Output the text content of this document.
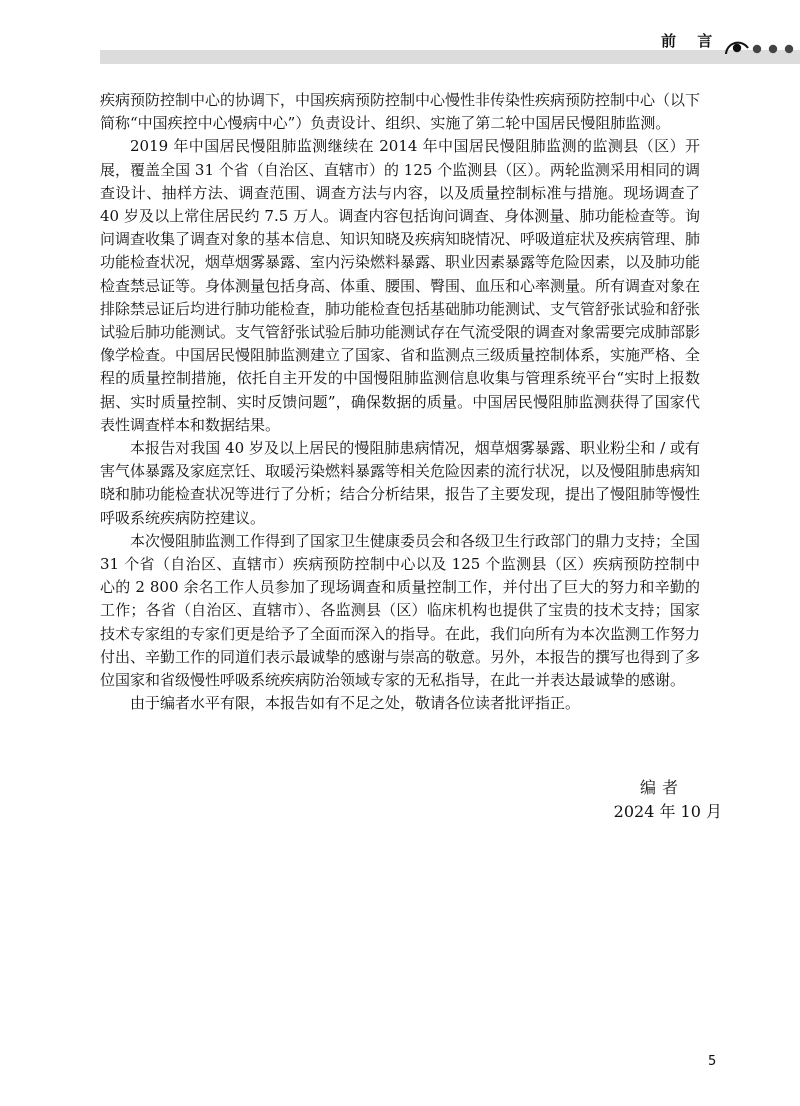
前 言

疾病预防控制中心的协调下，中国疾病预防控制中心慢性非传染性疾病预防控制中心（以下简称“中国疾控中心慢病中心”）负责设计、组织、实施了第二轮中国居民慢阻肺监测。

2019 年中国居民慢阻肺监测继续在 2014 年中国居民慢阻肺监测的监测县（区）开展，覆盖全国 31 个省（自治区、直辖市）的 125 个监测县（区）。两轮监测采用相同的调查设计、抽样方法、调查范围、调查方法与内容，以及质量控制标准与措施。现场调查了 40 岁及以上常住居民约 7.5 万人。调查内容包括询问调查、身体测量、肺功能检查等。询问调查收集了调查对象的基本信息、知识知晓及疾病知晓情况、呼吸道症状及疾病管理、肺功能检查状况，烟草烟雾暴露、室内污染燃料暴露、职业因素暴露等危险因素，以及肺功能检查禁忌证等。身体测量包括身高、体重、腰围、臀围、血压和心率测量。所有调查对象在排除禁忌证后均进行肺功能检查，肺功能检查包括基础肺功能测试、支气管舒张试验和舒张试验后肺功能测试。支气管舒张试验后肺功能测试存在气流受限的调查对象需要完成肺部影像学检查。中国居民慢阻肺监测建立了国家、省和监测点三级质量控制体系，实施严格、全程的质量控制措施，依托自主开发的中国慢阻肺监测信息收集与管理系统平台“实时上报数据、实时质量控制、实时反馈问题”，确保数据的质量。中国居民慢阻肺监测获得了国家代表性调查样本和数据结果。

本报告对我国 40 岁及以上居民的慢阻肺患病情况，烟草烟雾暴露、职业粉尘和 / 或有害气体暴露及家庭烹饪、取暖污染燃料暴露等相关危险因素的流行状况，以及慢阻肺患病知晓和肺功能检查状况等进行了分析；结合分析结果，报告了主要发现，提出了慢阻肺等慢性呼吸系统疾病防控建议。

本次慢阻肺监测工作得到了国家卫生健康委员会和各级卫生行政部门的鼎力支持；全国 31 个省（自治区、直辖市）疾病预防控制中心以及 125 个监测县（区）疾病预防控制中心的 2 800 余名工作人员参加了现场调查和质量控制工作，并付出了巨大的努力和辛勤的工作；各省（自治区、直辖市）、各监测县（区）临床机构也提供了宝贵的技术支持；国家技术专家组的专家们更是给予了全面而深入的指导。在此，我们向所有为本次监测工作努力付出、辛勤工作的同道们表示最诚挚的感谢与崇高的敬意。另外，本报告的撰写也得到了多位国家和省级慢性呼吸系统疾病防治领域专家的无私指导，在此一并表达最诚挚的感谢。

由于编者水平有限，本报告如有不足之处，敬请各位读者批评指正。

编者
2024 年 10 月
5
